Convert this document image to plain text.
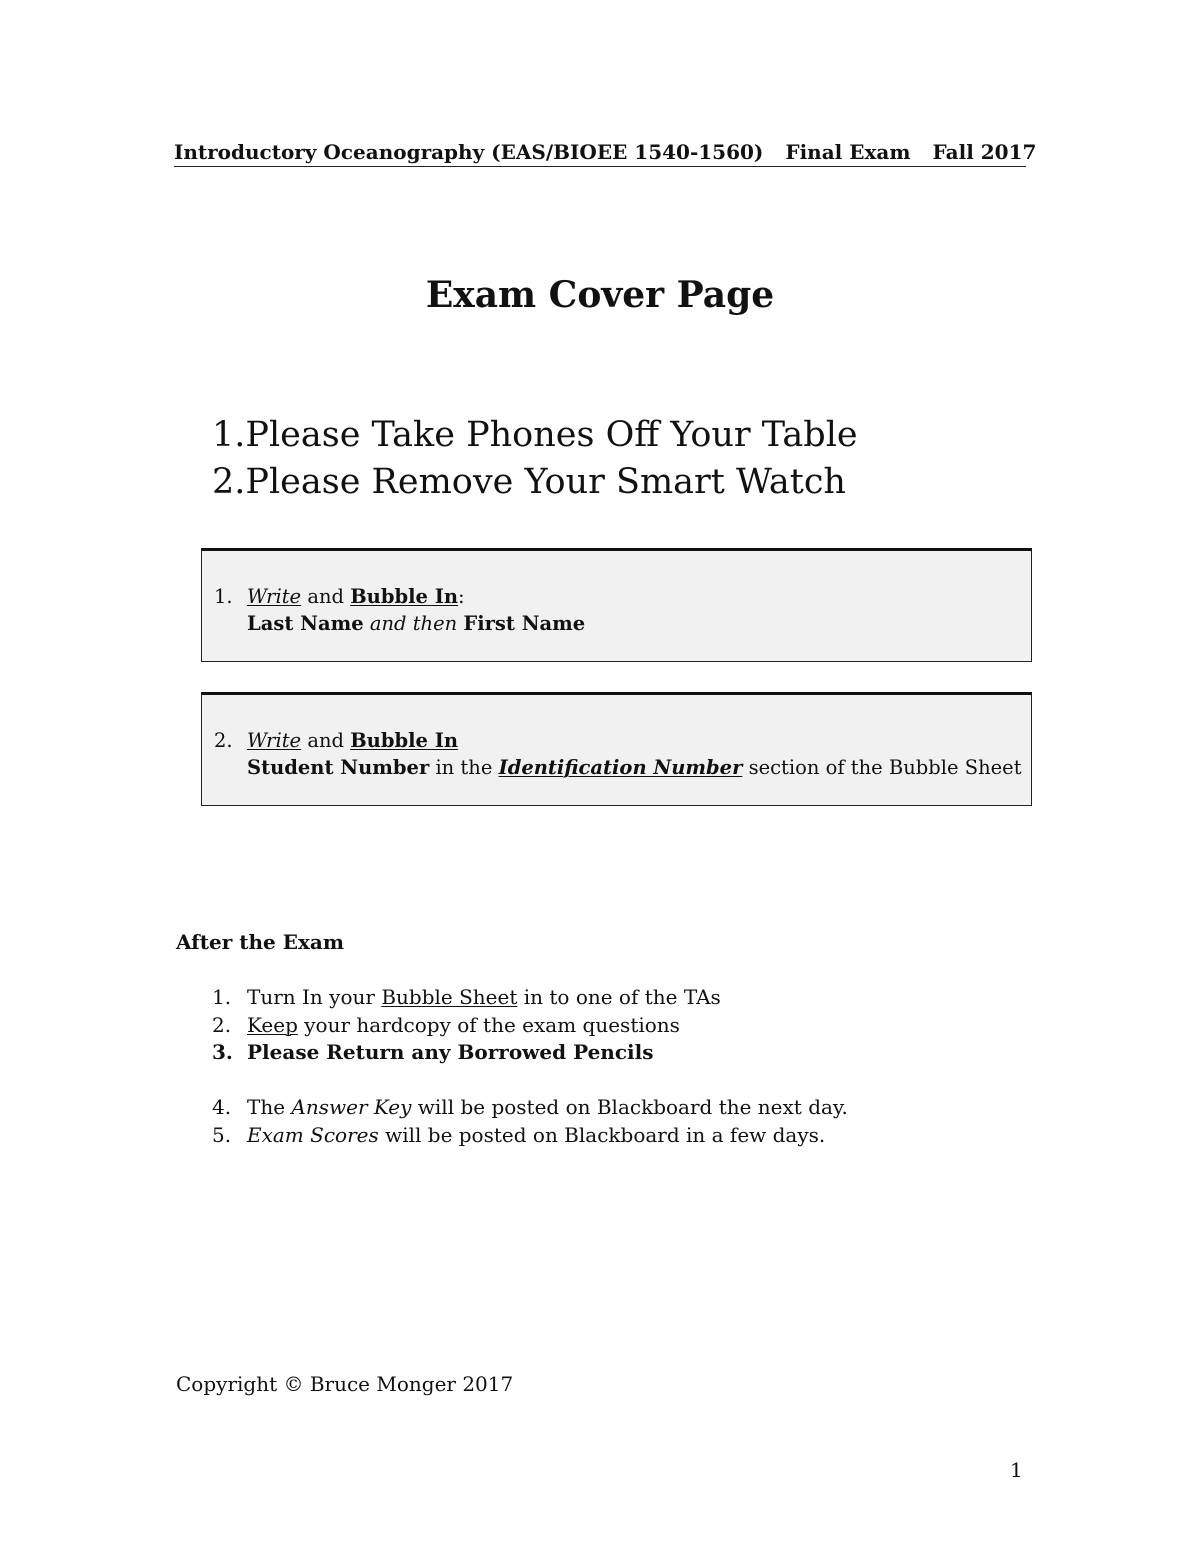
Introductory Oceanography (EAS/BIOEE 1540-1560) Final Exam Fall 2017
Exam Cover Page
1.Please Take Phones Off Your Table
2.Please Remove Your Smart Watch
1. Write and Bubble In:
Last Name and then First Name
2. Write and Bubble In
Student Number in the Identification Number section of the Bubble Sheet
After the Exam
1. Turn In your Bubble Sheet in to one of the TAs
2. Keep your hardcopy of the exam questions
3. Please Return any Borrowed Pencils
4. The Answer Key will be posted on Blackboard the next day.
5. Exam Scores will be posted on Blackboard in a few days.
Copyright © Bruce Monger 2017
1
